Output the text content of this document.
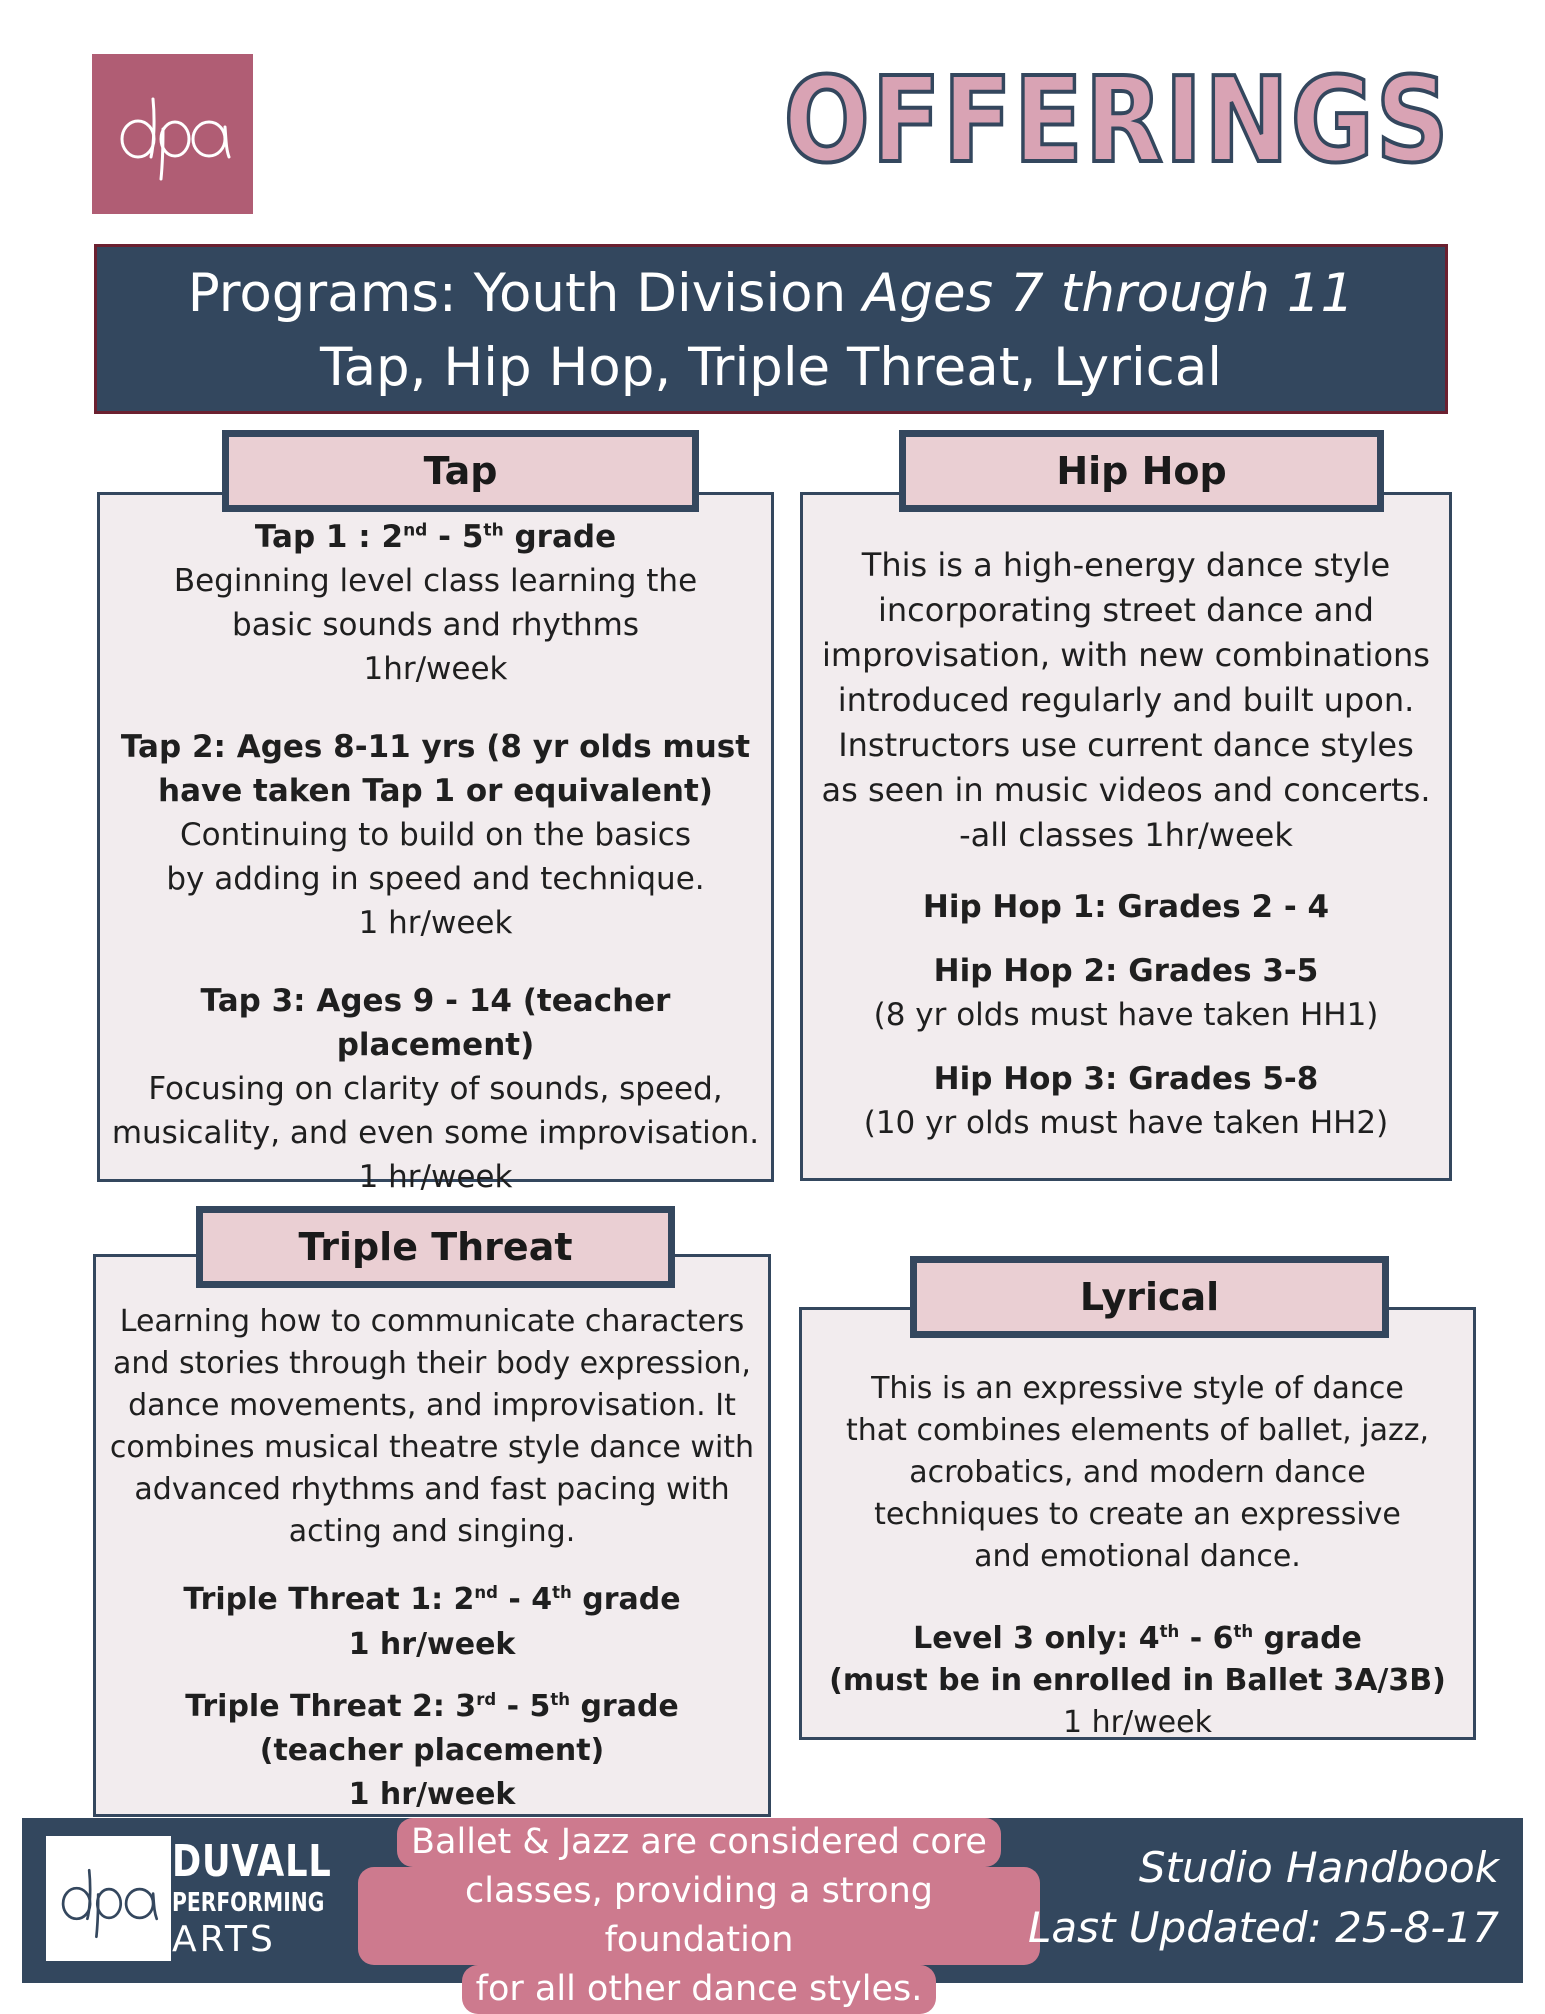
OFFERINGS
Programs: Youth Division Ages 7 through 11
Tap, Hip Hop, Triple Threat, Lyrical
Tap 1 : 2nd - 5th grade
Beginning level class learning the basic sounds and rhythms
1hr/week
Tap 2: Ages 8-11 yrs (8 yr olds must have taken Tap 1 or equivalent)
Continuing to build on the basics by adding in speed and technique.
1 hr/week
Tap 3: Ages 9 - 14 (teacher placement)
Focusing on clarity of sounds, speed, musicality, and even some improvisation.
1 hr/week
Tap
This is a high-energy dance style incorporating street dance and improvisation, with new combinations introduced regularly and built upon. Instructors use current dance styles as seen in music videos and concerts.
-all classes 1hr/week
Hip Hop 1: Grades 2 - 4
Hip Hop 2: Grades 3-5
(8 yr olds must have taken HH1)
Hip Hop 3: Grades 5-8
(10 yr olds must have taken HH2)
Hip Hop
Learning how to communicate characters and stories through their body expression, dance movements, and improvisation. It combines musical theatre style dance with advanced rhythms and fast pacing with acting and singing.
Triple Threat 1: 2nd - 4th grade
1 hr/week
Triple Threat 2: 3rd - 5th grade
(teacher placement)
1 hr/week
Triple Threat
This is an expressive style of dance that combines elements of ballet, jazz, acrobatics, and modern dance techniques to create an expressive and emotional dance.
Level 3 only: 4th - 6th grade
(must be in enrolled in Ballet 3A/3B)
1 hr/week
Lyrical
DUVALL
PERFORMING
ARTS
Ballet & Jazz are considered core
classes, providing a strong foundation
for all other dance styles.
Studio Handbook
Last Updated: 25-8-17
